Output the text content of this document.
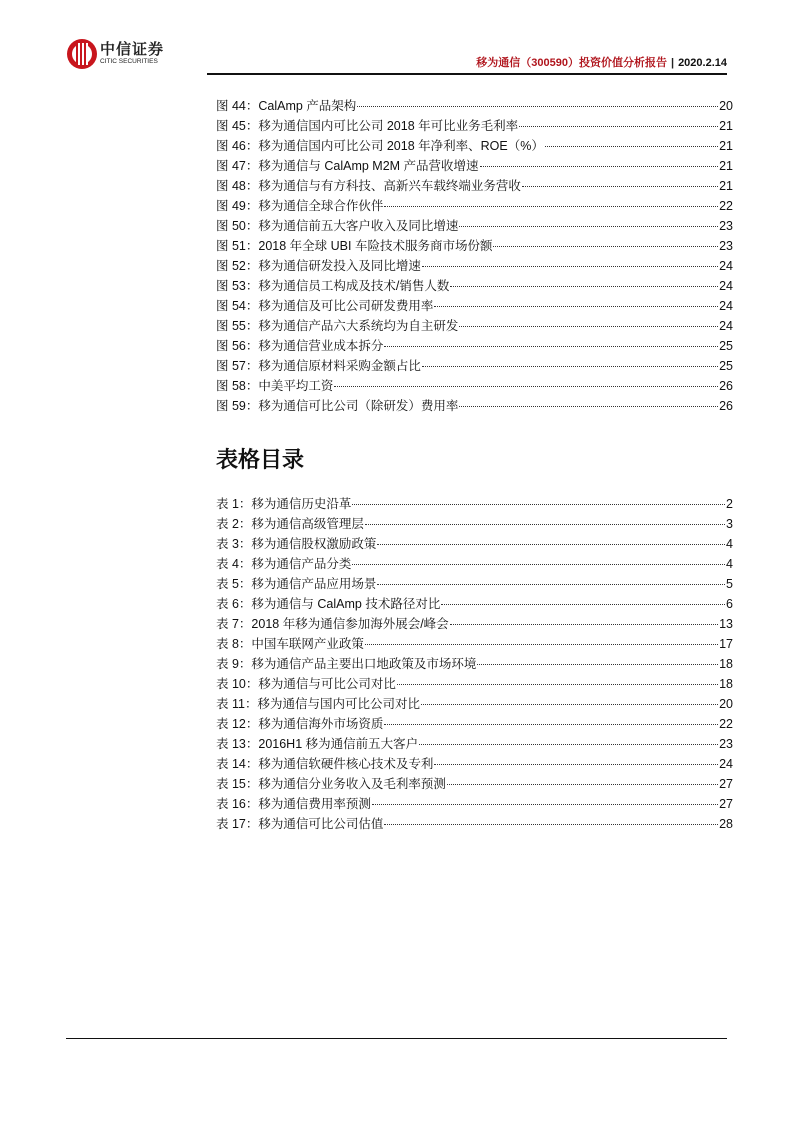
中信证券
CITIC SECURITIES	移为通信（300590）投资价值分析报告 | 2020.2.14
图 44：CalAmp 产品架构	20
图 45：移为通信国内可比公司 2018 年可比业务毛利率	21
图 46：移为通信国内可比公司 2018 年净利率、ROE（%）	21
图 47：移为通信与 CalAmp M2M 产品营收增速	21
图 48：移为通信与有方科技、高新兴车载终端业务营收	21
图 49：移为通信全球合作伙伴	22
图 50：移为通信前五大客户收入及同比增速	23
图 51：2018 年全球 UBI 车险技术服务商市场份额	23
图 52：移为通信研发投入及同比增速	24
图 53：移为通信员工构成及技术/销售人数	24
图 54：移为通信及可比公司研发费用率	24
图 55：移为通信产品六大系统均为自主研发	24
图 56：移为通信营业成本拆分	25
图 57：移为通信原材料采购金额占比	25
图 58：中美平均工资	26
图 59：移为通信可比公司（除研发）费用率	26
表格目录
表 1：移为通信历史沿革	2
表 2：移为通信高级管理层	3
表 3：移为通信股权激励政策	4
表 4：移为通信产品分类	4
表 5：移为通信产品应用场景	5
表 6：移为通信与 CalAmp 技术路径对比	6
表 7：2018 年移为通信参加海外展会/峰会	13
表 8：中国车联网产业政策	17
表 9：移为通信产品主要出口地政策及市场环境	18
表 10：移为通信与可比公司对比	18
表 11：移为通信与国内可比公司对比	20
表 12：移为通信海外市场资质	22
表 13：2016H1 移为通信前五大客户	23
表 14：移为通信软硬件核心技术及专利	24
表 15：移为通信分业务收入及毛利率预测	27
表 16：移为通信费用率预测	27
表 17：移为通信可比公司估值	28
